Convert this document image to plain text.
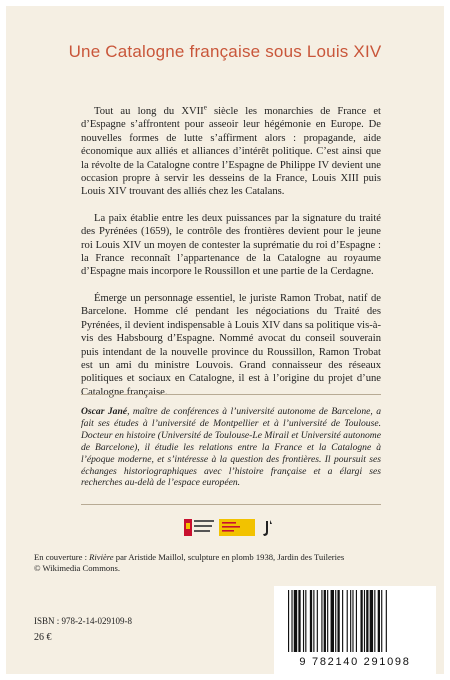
Une Catalogne française sous Louis XIV

Tout au long du XVIIe siècle les monarchies de France et d’Espagne s’affrontent pour asseoir leur hégémonie en Europe. De nouvelles formes de lutte s’affirment alors : propagande, aide économique aux alliés et alliances d’intérêt politique. C’est ainsi que la révolte de la Catalogne contre l’Espagne de Philippe IV devient une occasion propre à servir les desseins de la France, Louis XIII puis Louis XIV trouvant des alliés chez les Catalans.

La paix établie entre les deux puissances par la signature du traité des Pyrénées (1659), le contrôle des frontières devient pour le jeune roi Louis XIV un moyen de contester la suprématie du roi d’Espagne : la France reconnaît l’appartenance de la Catalogne au royaume d’Espagne mais incorpore le Roussillon et une partie de la Cerdagne.

Émerge un personnage essentiel, le juriste Ramon Trobat, natif de Barcelone. Homme clé pendant les négociations du Traité des Pyrénées, il devient indispensable à Louis XIV dans sa politique vis-à-vis des Habsbourg d’Espagne. Nommé avocat du conseil souverain puis intendant de la nouvelle province du Roussillon, Ramon Trobat est un ami du ministre Louvois. Grand connaisseur des réseaux politiques et sociaux en Catalogne, il est à l’origine du projet d’une Catalogne française.

Oscar Jané, maître de conférences à l’université autonome de Barcelone, a fait ses études à l’université de Montpellier et à l’université de Toulouse. Docteur en histoire (Université de Toulouse-Le Mirail et Université autonome de Barcelone), il étudie les relations entre la France et la Catalogne à l’époque moderne, et s’intéresse à la question des frontières. Il poursuit ses échanges historiographiques avec l’histoire française et a élargi ses recherches au-delà de l’espace européen.
En couverture : Rivière par Aristide Maillol, sculpture en plomb 1938, Jardin des Tuileries
© Wikimedia Commons.
ISBN : 978-2-14-029109-8
26 €
9 782140 291098
